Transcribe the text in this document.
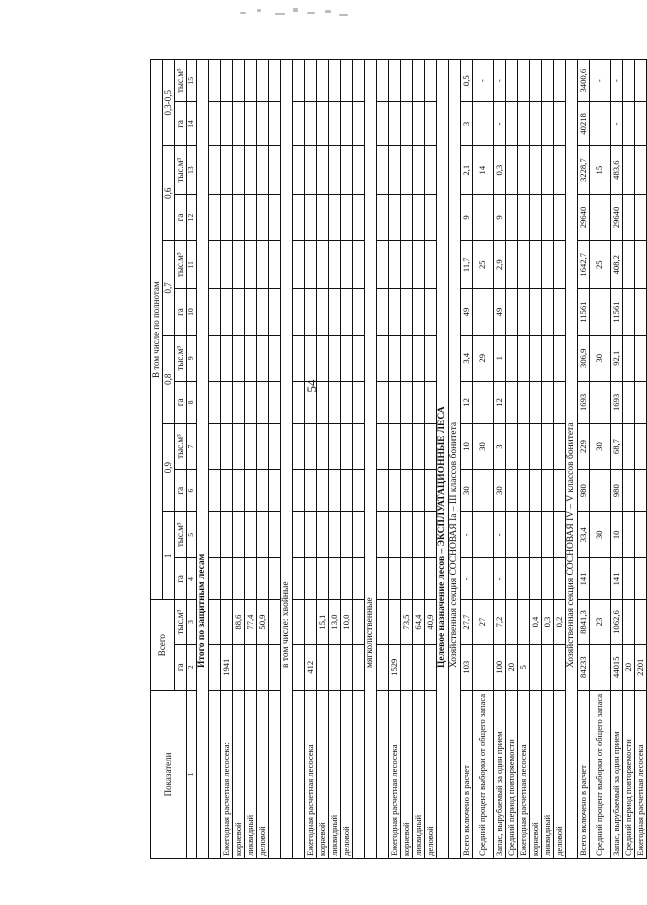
54
Показатели	Всего		В том числе по полнотам											
			1		0,9		0,8		0,7		0,6		0,3-0,5	
	га	тыс.м³	га	тыс.м³	га	тыс.м³	га	тыс.м³	га	тыс.м³	га	тыс.м³	га	тыс.м³
1	2	3	4	5	6	7	8	9	10	11	12	13	14	15
Итого по защитным лесам														

Ежегодная расчетная лесосека:	1941													
корневой		88,6												
ликвидный		77,4												
деловой		50,9												

в том числе: хвойные														

Ежегодная расчетная лесосека	412													
корневой		15,1												
ликвидный		13,0												
деловой		10,0												

мягколиственные														

Ежегодная расчетная лесосека	1529													
корневой		73,5												
ликвидный		64,4												
деловой		40,9												
Целевое назначение лесов – ЭКСПЛУАТАЦИОННЫЕ ЛЕСА														
Хозяйственная секция СОСНОВАЯ Iа – III классов бонитета														
Всего включено в расчет	103	27,7	-	-	30	10	12	3,4	49	11,7	9	2,1	3	0,5
Средний процент выборки от общего запаса		27				30		29		25		14		-
Запас, вырубаемый за один прием	100	7,2	-	-	30	3	12	1	49	2,9	9	0,3	-	-
Средний период повторяемости	20													
Ежегодная расчетная лесосека	5													
корневой		0,4												
ликвидный		0,3												
деловой		0,2												
Хозяйственная секция СОСНОВАЯ IV – V классов бонитета														
Всего включено в расчет	84233	8841,3	141	33,4	980	229	1693	306,9	11561	1642,7	29640	3228,7	40218	3400,6
Средний процент выборки от общего запаса		23		30		30		30		25		15		-
Запас, вырубаемый за один прием	44015	1062,6	141	10	980	68,7	1693	92,1	11561	408,2	29640	483,6	-	-
Средний период повторяемости	20													
Ежегодная расчетная лесосека	2201													
